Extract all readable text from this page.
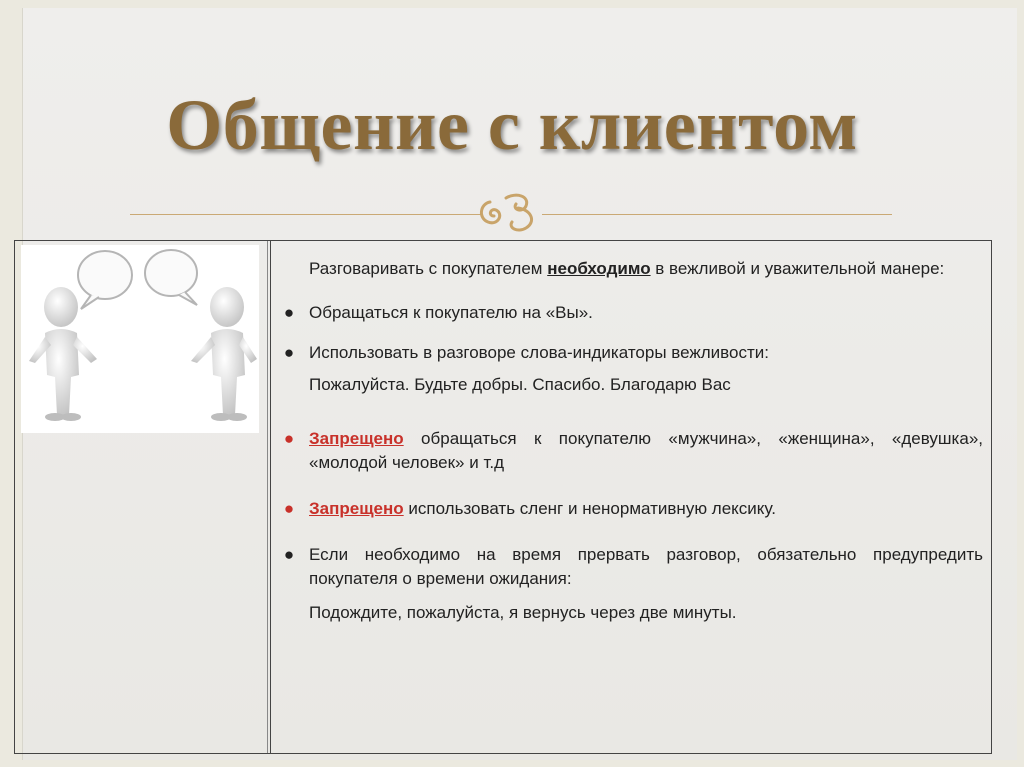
Общение с клиентом

Разговаривать с покупателем необходимо в вежливой и уважительной манере:

● Обращаться к покупателю на «Вы».

● Использовать в разговоре слова-индикаторы вежливости:

Пожалуйста. Будьте добры. Спасибо. Благодарю Вас

● Запрещено обращаться к покупателю «мужчина», «женщина», «девушка», «молодой человек» и т.д

● Запрещено использовать сленг и ненормативную лексику.

● Если необходимо на время прервать разговор, обязательно предупредить покупателя о времени ожидания:

Подождите, пожалуйста, я вернусь через две минуты.
